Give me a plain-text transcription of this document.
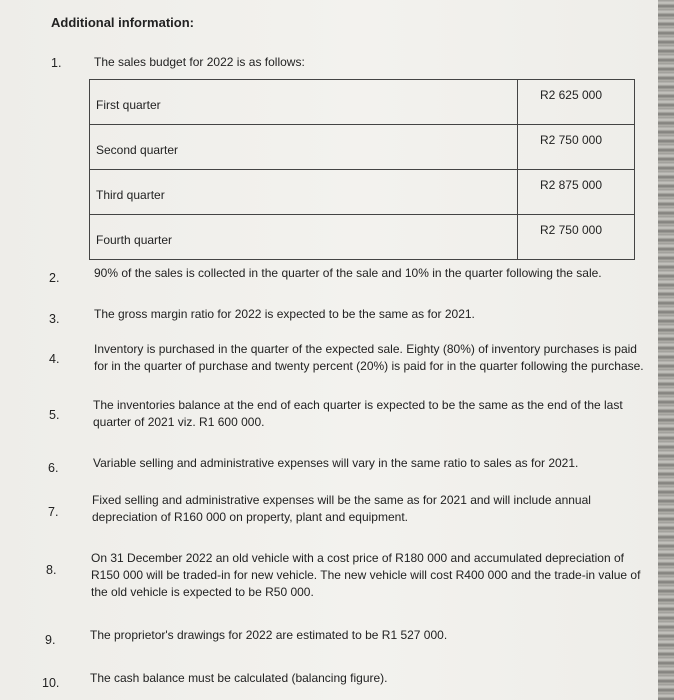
Additional information:
1.	The sales budget for 2022 is as follows:
First quarter	R2 625 000
Second quarter	R2 750 000
Third quarter	R2 875 000
Fourth quarter	R2 750 000
2.	90% of the sales is collected in the quarter of the sale and 10% in the quarter following the sale.
3.	The gross margin ratio for 2022 is expected to be the same as for 2021.
4.
Inventory is purchased in the quarter of the expected sale. Eighty (80%) of inventory purchases is paid for in the quarter of purchase and twenty percent (20%) is paid for in the quarter following the purchase.
5.
The inventories balance at the end of each quarter is expected to be the same as the end of the last quarter of 2021 viz. R1 600 000.
6.	Variable selling and administrative expenses will vary in the same ratio to sales as for 2021.
7.
Fixed selling and administrative expenses will be the same as for 2021 and will include annual depreciation of R160 000 on property, plant and equipment.
8.
On 31 December 2022 an old vehicle with a cost price of R180 000 and accumulated depreciation of R150 000 will be traded-in for new vehicle. The new vehicle will cost R400 000 and the trade-in value of the old vehicle is expected to be R50 000.
9.	The proprietor's drawings for 2022 are estimated to be R1 527 000.
10.	The cash balance must be calculated (balancing figure).
